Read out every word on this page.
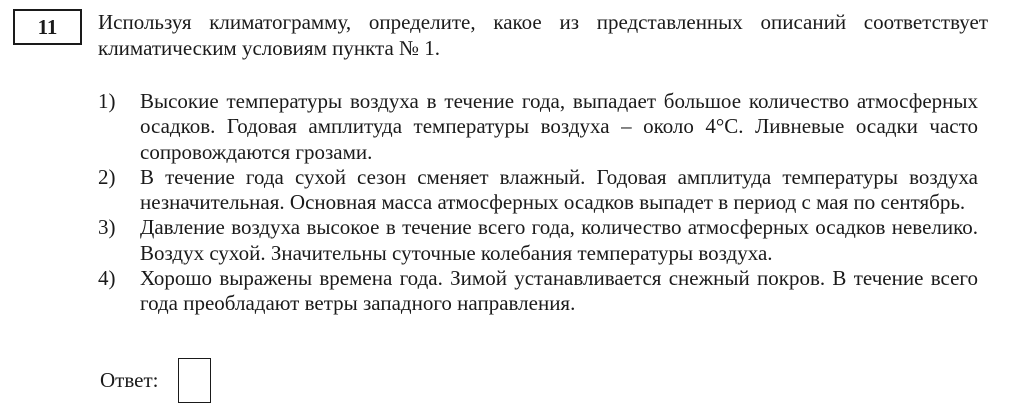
11 Используя климатограмму, определите, какое из представленных описаний соответствует климатическим условиям пункта № 1.
1)	Высокие температуры воздуха в течение года, выпадает большое количество атмосферных осадков. Годовая амплитуда температуры воздуха – около 4°С. Ливневые осадки часто сопровождаются грозами.
2)	В течение года сухой сезон сменяет влажный. Годовая амплитуда температуры воздуха незначительная. Основная масса атмосферных осадков выпадет в период с мая по сентябрь.
3)	Давление воздуха высокое в течение всего года, количество атмосферных осадков невелико. Воздух сухой. Значительны суточные колебания температуры воздуха.
4)	Хорошо выражены времена года. Зимой устанавливается снежный покров. В течение всего года преобладают ветры западного направления.
Ответ:
